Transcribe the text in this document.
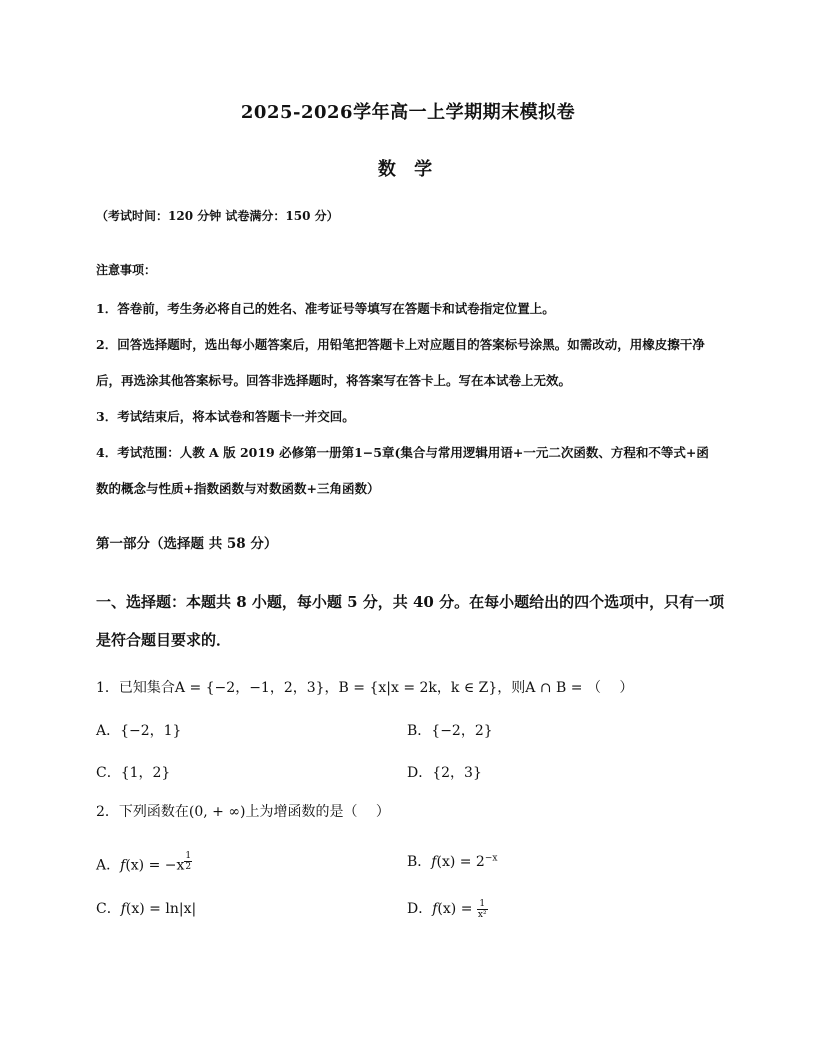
2025-2026学年高一上学期期末模拟卷
数 学
（考试时间：120 分钟 试卷满分：150 分）
注意事项：
1．答卷前，考生务必将自己的姓名、准考证号等填写在答题卡和试卷指定位置上。
2．回答选择题时，选出每小题答案后，用铅笔把答题卡上对应题目的答案标号涂黑。如需改动，用橡皮擦干净后，再选涂其他答案标号。回答非选择题时，将答案写在答卡上。写在本试卷上无效。
3．考试结束后，将本试卷和答题卡一并交回。
4．考试范围：人教 A 版 2019 必修第一册第1−5章(集合与常用逻辑用语+一元二次函数、方程和不等式+函数的概念与性质+指数函数与对数函数+三角函数）
第一部分（选择题 共 58 分）
一、选择题：本题共 8 小题，每小题 5 分，共 40 分。在每小题给出的四个选项中，只有一项是符合题目要求的．
1．已知集合A = {−2，−1，2，3}，B = {x|x = 2k，k ∈ Z}，则A ∩ B = （　 ）
A．{−2，1}	B．{−2，2}
C．{1，2}	D．{2，3}
2．下列函数在(0, + ∞)上为增函数的是（　 ）
A．f(x) = −x $^{\frac{1}{2}}$	B．$f(x) = 2^{-x}$
C．f(x) = ln|x|	D．$f(x) = \frac{1}{\text{x²}}$
